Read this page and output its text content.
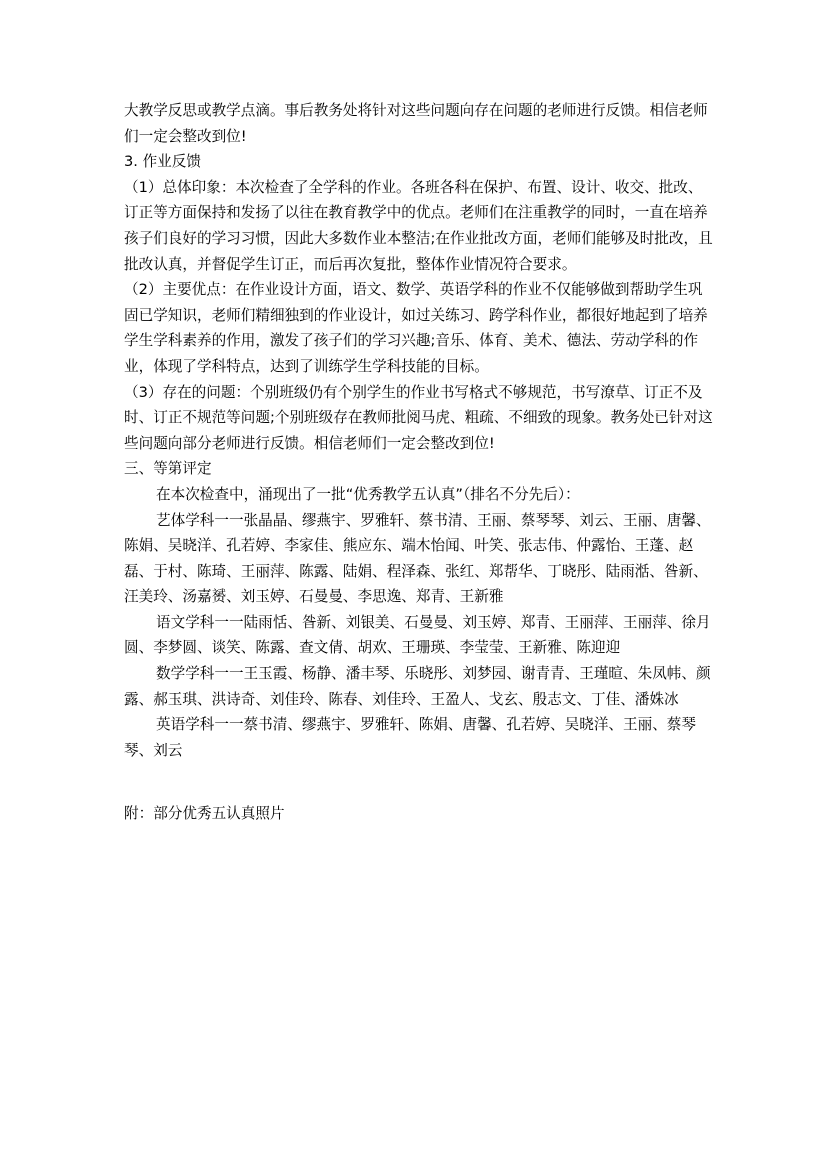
大教学反思或教学点滴。事后教务处将针对这些问题向存在问题的老师进行反馈。相信老师们一定会整改到位!

3. 作业反馈

（1）总体印象：本次检查了全学科的作业。各班各科在保护、布置、设计、收交、批改、订正等方面保持和发扬了以往在教育教学中的优点。老师们在注重教学的同时，一直在培养孩子们良好的学习习惯，因此大多数作业本整洁;在作业批改方面，老师们能够及时批改，且批改认真，并督促学生订正，而后再次复批，整体作业情况符合要求。

（2）主要优点：在作业设计方面，语文、数学、英语学科的作业不仅能够做到帮助学生巩固已学知识，老师们精细独到的作业设计，如过关练习、跨学科作业，都很好地起到了培养学生学科素养的作用，激发了孩子们的学习兴趣;音乐、体育、美术、德法、劳动学科的作业，体现了学科特点，达到了训练学生学科技能的目标。

（3）存在的问题：个别班级仍有个别学生的作业书写格式不够规范，书写潦草、订正不及时、订正不规范等问题;个别班级存在教师批阅马虎、粗疏、不细致的现象。教务处已针对这些问题向部分老师进行反馈。相信老师们一定会整改到位!

三、等第评定

在本次检查中，涌现出了一批“优秀教学五认真”（排名不分先后）：

艺体学科一一张晶晶、缪燕宇、罗雅轩、蔡书清、王丽、蔡琴琴、刘云、王丽、唐馨、陈娟、吴晓洋、孔若婷、李家佳、熊应东、端木怡闻、叶笑、张志伟、仲露怡、王蓬、赵磊、于村、陈琦、王丽萍、陈露、陆娟、程泽森、张红、郑帮华、丁晓彤、陆雨湉、昝新、汪美玲、汤嘉赟、刘玉婷、石曼曼、李思逸、郑青、王新雅

语文学科一一陆雨恬、昝新、刘银美、石曼曼、刘玉婷、郑青、王丽萍、王丽萍、徐月圆、李梦圆、谈笑、陈露、查文倩、胡欢、王珊瑛、李莹莹、王新雅、陈迎迎

数学学科一一王玉霞、杨静、潘丰琴、乐晓彤、刘梦园、谢青青、王瑾暄、朱凤帏、颜露、郝玉琪、洪诗奇、刘佳玲、陈春、刘佳玲、王盈人、戈玄、殷志文、丁佳、潘姝冰

英语学科一一蔡书清、缪燕宇、罗雅轩、陈娟、唐馨、孔若婷、吴晓洋、王丽、蔡琴琴、刘云

附：部分优秀五认真照片
